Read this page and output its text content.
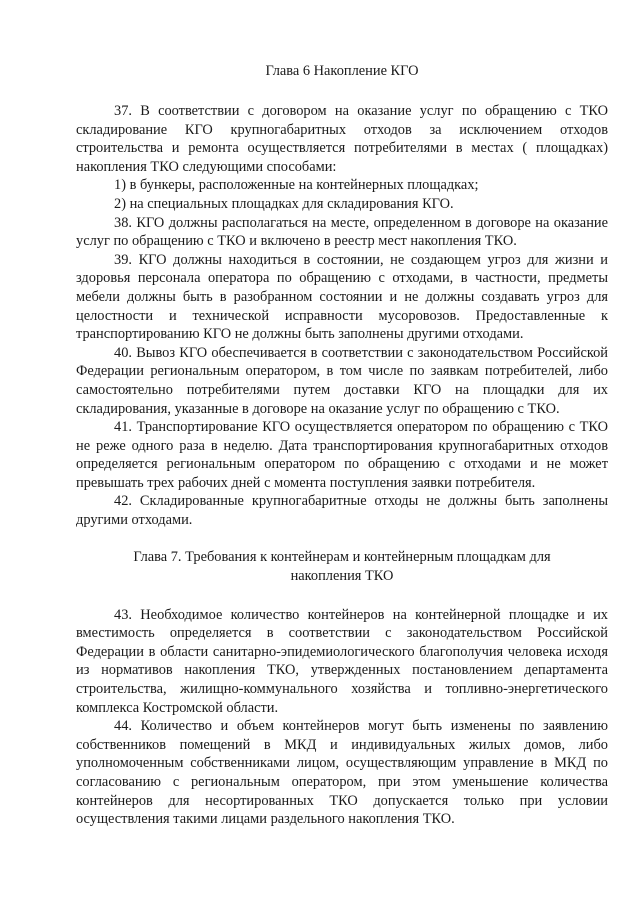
Глава 6 Накопление КГО

37. В соответствии с договором на оказание услуг по обращению с ТКО складирование КГО крупногабаритных отходов за исключением отходов строительства и ремонта осуществляется потребителями в местах ( площадках) накопления ТКО следующими способами:

1) в бункеры, расположенные на контейнерных площадках;

2) на специальных площадках для складирования КГО.

38. КГО должны располагаться на месте, определенном в договоре на оказание услуг по обращению с ТКО и включено в реестр мест накопления ТКО.

39. КГО должны находиться в состоянии, не создающем угроз для жизни и здоровья персонала оператора по обращению с отходами, в частности, предметы мебели должны быть в разобранном состоянии и не должны создавать угроз для целостности и технической исправности мусоровозов. Предоставленные к транспортированию КГО не должны быть заполнены другими отходами.

40. Вывоз КГО обеспечивается в соответствии с законодательством Российской Федерации региональным оператором, в том числе по заявкам потребителей, либо самостоятельно потребителями путем доставки КГО на площадки для их складирования, указанные в договоре на оказание услуг по обращению с ТКО.

41. Транспортирование КГО осуществляется оператором по обращению с ТКО не реже одного раза в неделю. Дата транспортирования крупногабаритных отходов определяется региональным оператором по обращению с отходами и не может превышать трех рабочих дней с момента поступления заявки потребителя.

42. Складированные крупногабаритные отходы не должны быть заполнены другими отходами.

Глава 7. Требования к контейнерам и контейнерным площадкам для
накопления ТКО

43. Необходимое количество контейнеров на контейнерной площадке и их вместимость определяется в соответствии с законодательством Российской Федерации в области санитарно-эпидемиологического благополучия человека исходя из нормативов накопления ТКО, утвержденных постановлением департамента строительства, жилищно-коммунального хозяйства и топливно-энергетического комплекса Костромской области.

44. Количество и объем контейнеров могут быть изменены по заявлению собственников помещений в МКД и индивидуальных жилых домов, либо уполномоченным собственниками лицом, осуществляющим управление в МКД по согласованию с региональным оператором, при этом уменьшение количества контейнеров для несортированных ТКО допускается только при условии осуществления такими лицами раздельного накопления ТКО.
